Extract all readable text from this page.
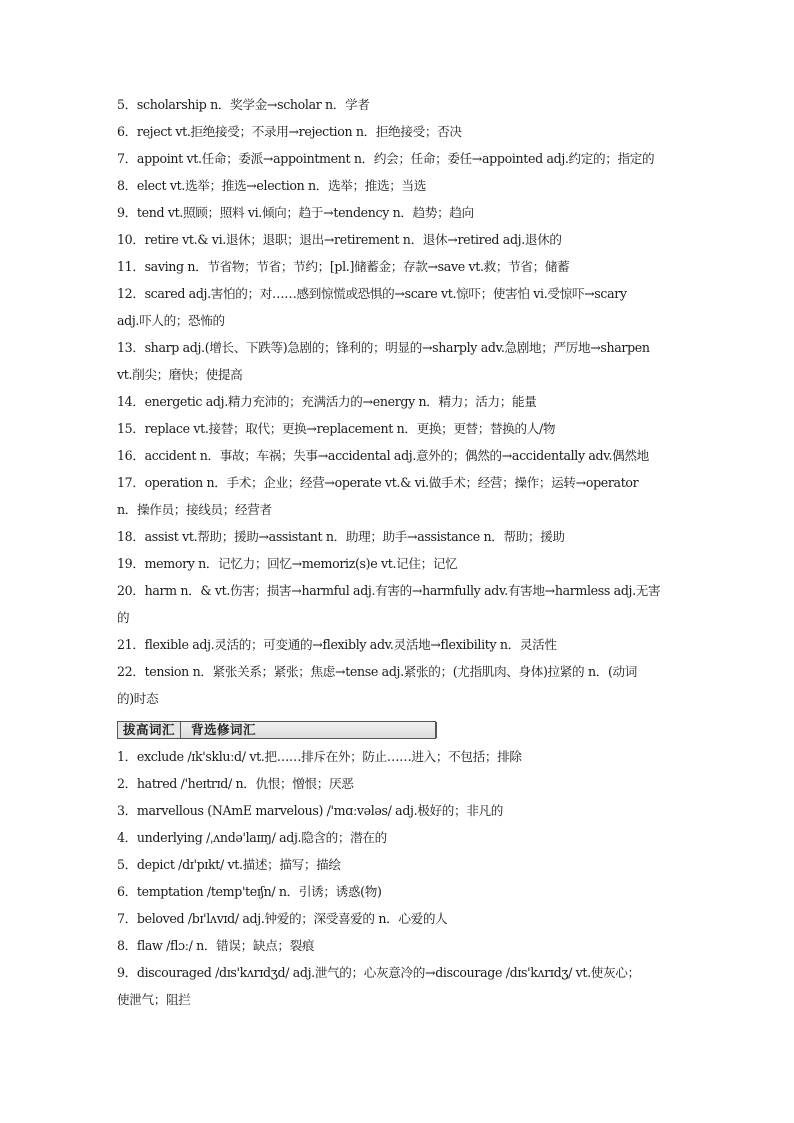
5．scholarship n．奖学金→scholar n．学者
6．reject vt.拒绝接受；不录用→rejection n．拒绝接受；否决
7．appoint vt.任命；委派→appointment n．约会；任命；委任→appointed adj.约定的；指定的
8．elect vt.选举；推选→election n．选举；推选；当选
9．tend vt.照顾；照料 vi.倾向；趋于→tendency n．趋势；趋向
10．retire vt.& vi.退休；退职；退出→retirement n．退休→retired adj.退休的
11．saving n．节省物；节省；节约；[pl.]储蓄金；存款→save vt.救；节省；储蓄
12．scared adj.害怕的；对……感到惊慌或恐惧的→scare vt.惊吓；使害怕 vi.受惊吓→scary
adj.吓人的；恐怖的
13．sharp adj.(增长、下跌等)急剧的；锋利的；明显的→sharply adv.急剧地；严厉地→sharpen
vt.削尖；磨快；使提高
14．energetic adj.精力充沛的；充满活力的→energy n．精力；活力；能量
15．replace vt.接替；取代；更换→replacement n．更换；更替；替换的人/物
16．accident n．事故；车祸；失事→accidental adj.意外的；偶然的→accidentally adv.偶然地
17．operation n．手术；企业；经营→operate vt.& vi.做手术；经营；操作；运转→operator
n．操作员；接线员；经营者
18．assist vt.帮助；援助→assistant n．助理；助手→assistance n．帮助；援助
19．memory n．记忆力；回忆→memoriz(s)e vt.记住；记忆
20．harm n．& vt.伤害；损害→harmful adj.有害的→harmfully adv.有害地→harmless adj.无害
的
21．flexible adj.灵活的；可变通的→flexibly adv.灵活地→flexibility n．灵活性
22．tension n．紧张关系；紧张；焦虑→tense adj.紧张的；(尤指肌肉、身体)拉紧的 n．(动词
的)时态
拔高词汇 背选修词汇
1．exclude /ɪk'skluːd/ vt.把……排斥在外；防止……进入；不包括；排除
2．hatred /'heɪtrɪd/ n．仇恨；憎恨；厌恶
3．marvellous (NAmE marvelous) /'mɑːvələs/ adj.极好的；非凡的
4．underlying /ˌʌndə'laɪɪŋ/ adj.隐含的；潜在的
5．depict /dɪ'pɪkt/ vt.描述；描写；描绘
6．temptation /temp'teɪʃn/ n．引诱；诱惑(物)
7．beloved /bɪ'lʌvɪd/ adj.钟爱的；深受喜爱的 n．心爱的人
8．flaw /flɔː/ n．错误；缺点；裂痕
9．discouraged /dɪs'kʌrɪdʒd/ adj.泄气的；心灰意冷的→discourage /dɪs'kʌrɪdʒ/ vt.使灰心；
使泄气；阻拦
